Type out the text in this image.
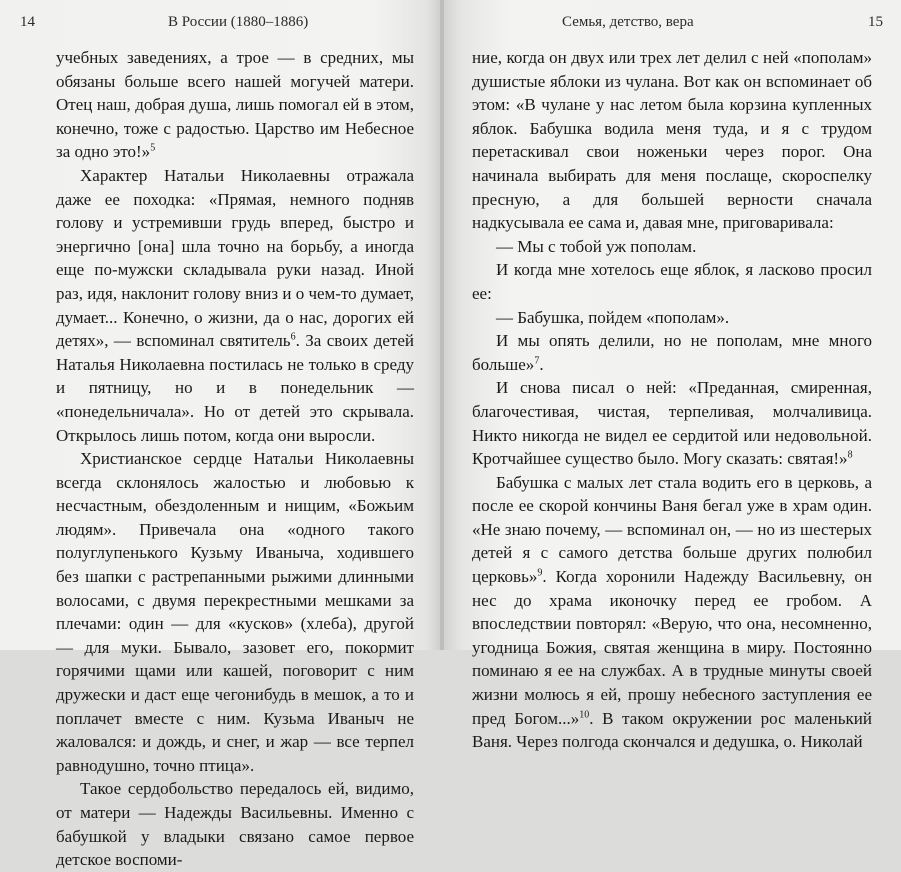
14	В России (1880–1886)

учебных заведениях, а трое — в средних, мы обязаны больше всего нашей могучей матери. Отец наш, добрая душа, лишь помогал ей в этом, конечно, тоже с радостью. Царство им Небесное за одно это!»$^5$

Характер Натальи Николаевны отражала даже ее походка: «Прямая, немного подняв голову и устремивши грудь вперед, быстро и энергично [она] шла точно на борьбу, а иногда еще по-мужски складывала руки назад. Иной раз, идя, наклонит голову вниз и о чем-то думает, думает... Конечно, о жизни, да о нас, дорогих ей детях», — вспоминал святитель$^6$. За своих детей Наталья Николаевна постилась не только в среду и пятницу, но и в понедельник — «понедельничала». Но от детей это скрывала. Открылось лишь потом, когда они выросли.

Христианское сердце Натальи Николаевны всегда склонялось жалостью и любовью к несчастным, обездоленным и нищим, «Божьим людям». Привечала она «одного такого полуглупенького Кузьму Иваныча, ходившего без шапки с растрепанными рыжими длинными волосами, с двумя перекрестными мешками за плечами: один — для «кусков» (хлеба), другой — для муки. Бывало, зазовет его, покормит горячими щами или кашей, поговорит с ним дружески и даст еще чегонибудь в мешок, а то и поплачет вместе с ним. Кузьма Иваныч не жаловался: и дождь, и снег, и жар — все терпел равнодушно, точно птица».

Такое сердобольство передалось ей, видимо, от матери — Надежды Васильевны. Именно с бабушкой у владыки связано самое первое детское воспоми-

Семья, детство, вера	15

ние, когда он двух или трех лет делил с ней «пополам» душистые яблоки из чулана. Вот как он вспоминает об этом: «В чулане у нас летом была корзина купленных яблок. Бабушка водила меня туда, и я с трудом перетаскивал свои ноженьки через порог. Она начинала выбирать для меня послаще, скороспелку пресную, а для большей верности сначала надкусывала ее сама и, давая мне, приговаривала:

— Мы с тобой уж пополам.

И когда мне хотелось еще яблок, я ласково просил ее:

— Бабушка, пойдем «пополам».

И мы опять делили, но не пополам, мне много больше»$^7$.

И снова писал о ней: «Преданная, смиренная, благочестивая, чистая, терпеливая, молчаливица. Никто никогда не видел ее сердитой или недовольной. Кротчайшее существо было. Могу сказать: святая!»$^8$

Бабушка с малых лет стала водить его в церковь, а после ее скорой кончины Ваня бегал уже в храм один. «Не знаю почему, — вспоминал он, — но из шестерых детей я с самого детства больше других полюбил церковь»$^9$. Когда хоронили Надежду Васильевну, он нес до храма иконочку перед ее гробом. А впоследствии повторял: «Верую, что она, несомненно, угодница Божия, святая женщина в миру. Постоянно поминаю я ее на службах. А в трудные минуты своей жизни молюсь я ей, прошу небесного заступления ее пред Богом...»$^{10}$. В таком окружении рос маленький Ваня. Через полгода скончался и дедушка, о. Николай
